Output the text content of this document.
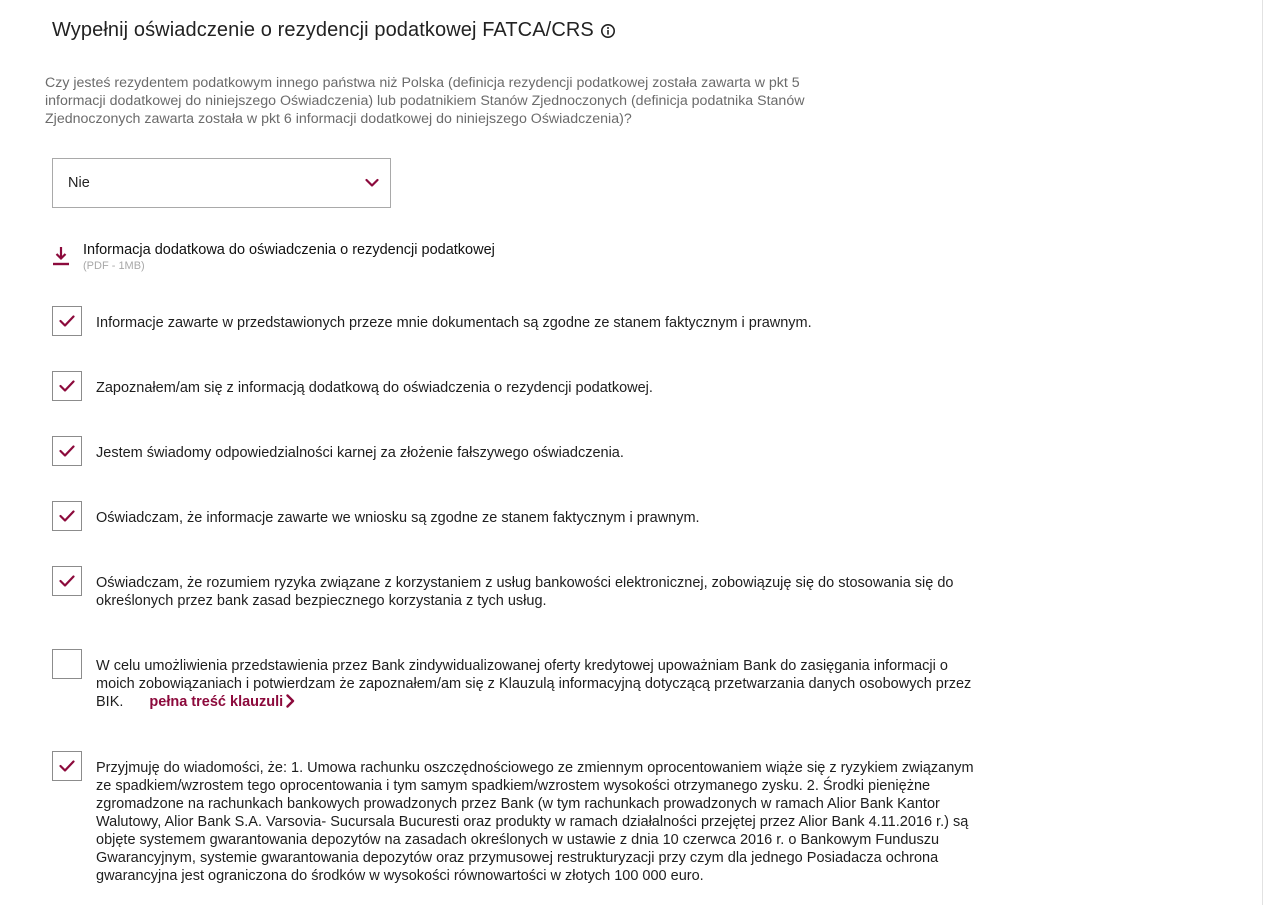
Wypełnij oświadczenie o rezydencji podatkowej FATCA/CRS
Czy jesteś rezydentem podatkowym innego państwa niż Polska (definicja rezydencji podatkowej została zawarta w pkt 5 informacji dodatkowej do niniejszego Oświadczenia) lub podatnikiem Stanów Zjednoczonych (definicja podatnika Stanów Zjednoczonych zawarta została w pkt 6 informacji dodatkowej do niniejszego Oświadczenia)?
Nie
Informacja dodatkowa do oświadczenia o rezydencji podatkowej
(PDF - 1MB)
Informacje zawarte w przedstawionych przeze mnie dokumentach są zgodne ze stanem faktycznym i prawnym.
Zapoznałem/am się z informacją dodatkową do oświadczenia o rezydencji podatkowej.
Jestem świadomy odpowiedzialności karnej za złożenie fałszywego oświadczenia.
Oświadczam, że informacje zawarte we wniosku są zgodne ze stanem faktycznym i prawnym.
Oświadczam, że rozumiem ryzyka związane z korzystaniem z usług bankowości elektronicznej, zobowiązuję się do stosowania się do określonych przez bank zasad bezpiecznego korzystania z tych usług.
W celu umożliwienia przedstawienia przez Bank zindywidualizowanej oferty kredytowej upoważniam Bank do zasięgania informacji o moich zobowiązaniach i potwierdzam że zapoznałem/am się z Klauzulą informacyjną dotyczącą przetwarzania danych osobowych przez BIK. pełna treść klauzuli
Przyjmuję do wiadomości, że: 1. Umowa rachunku oszczędnościowego ze zmiennym oprocentowaniem wiąże się z ryzykiem związanym ze spadkiem/wzrostem tego oprocentowania i tym samym spadkiem/wzrostem wysokości otrzymanego zysku. 2. Środki pieniężne zgromadzone na rachunkach bankowych prowadzonych przez Bank (w tym rachunkach prowadzonych w ramach Alior Bank Kantor Walutowy, Alior Bank S.A. Varsovia- Sucursala Bucuresti oraz produkty w ramach działalności przejętej przez Alior Bank 4.11.2016 r.) są objęte systemem gwarantowania depozytów na zasadach określonych w ustawie z dnia 10 czerwca 2016 r. o Bankowym Funduszu Gwarancyjnym, systemie gwarantowania depozytów oraz przymusowej restrukturyzacji przy czym dla jednego Posiadacza ochrona gwarancyjna jest ograniczona do środków w wysokości równowartości w złotych 100 000 euro.
